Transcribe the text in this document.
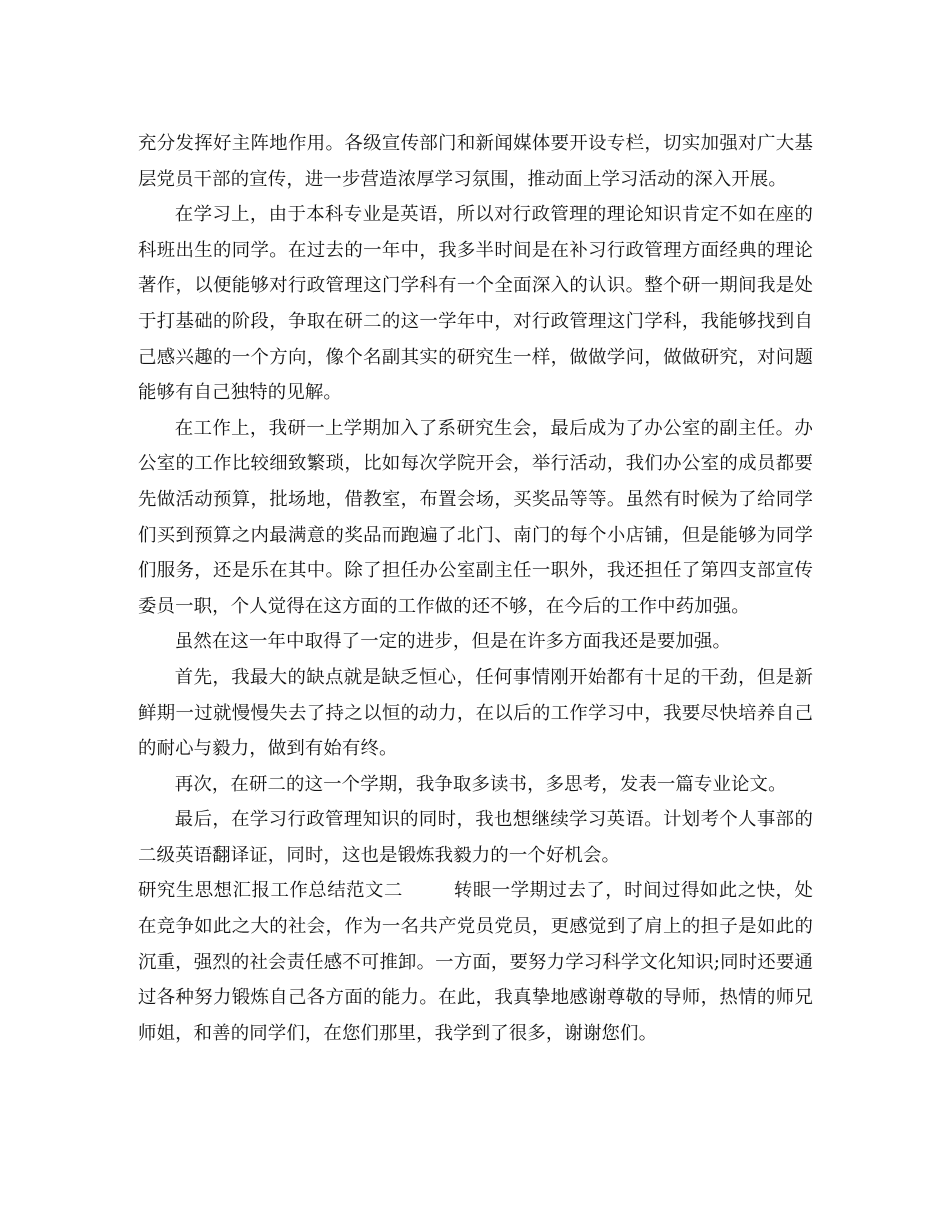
充分发挥好主阵地作用。各级宣传部门和新闻媒体要开设专栏，切实加强对广大基层党员干部的宣传，进一步营造浓厚学习氛围，推动面上学习活动的深入开展。

在学习上，由于本科专业是英语，所以对行政管理的理论知识肯定不如在座的科班出生的同学。在过去的一年中，我多半时间是在补习行政管理方面经典的理论著作，以便能够对行政管理这门学科有一个全面深入的认识。整个研一期间我是处于打基础的阶段，争取在研二的这一学年中，对行政管理这门学科，我能够找到自己感兴趣的一个方向，像个名副其实的研究生一样，做做学问，做做研究，对问题能够有自己独特的见解。

在工作上，我研一上学期加入了系研究生会，最后成为了办公室的副主任。办公室的工作比较细致繁琐，比如每次学院开会，举行活动，我们办公室的成员都要先做活动预算，批场地，借教室，布置会场，买奖品等等。虽然有时候为了给同学们买到预算之内最满意的奖品而跑遍了北门、南门的每个小店铺，但是能够为同学们服务，还是乐在其中。除了担任办公室副主任一职外，我还担任了第四支部宣传委员一职，个人觉得在这方面的工作做的还不够，在今后的工作中药加强。

虽然在这一年中取得了一定的进步，但是在许多方面我还是要加强。

首先，我最大的缺点就是缺乏恒心，任何事情刚开始都有十足的干劲，但是新鲜期一过就慢慢失去了持之以恒的动力，在以后的工作学习中，我要尽快培养自己的耐心与毅力，做到有始有终。

再次，在研二的这一个学期，我争取多读书，多思考，发表一篇专业论文。

最后，在学习行政管理知识的同时，我也想继续学习英语。计划考个人事部的二级英语翻译证，同时，这也是锻炼我毅力的一个好机会。

研究生思想汇报工作总结范文二	转眼一学期过去了，时间过得如此之快，处在竞争如此之大的社会，作为一名共产党员党员，更感觉到了肩上的担子是如此的沉重，强烈的社会责任感不可推卸。一方面，要努力学习科学文化知识;同时还要通过各种努力锻炼自己各方面的能力。在此，我真挚地感谢尊敬的导师，热情的师兄师姐，和善的同学们，在您们那里，我学到了很多，谢谢您们。
